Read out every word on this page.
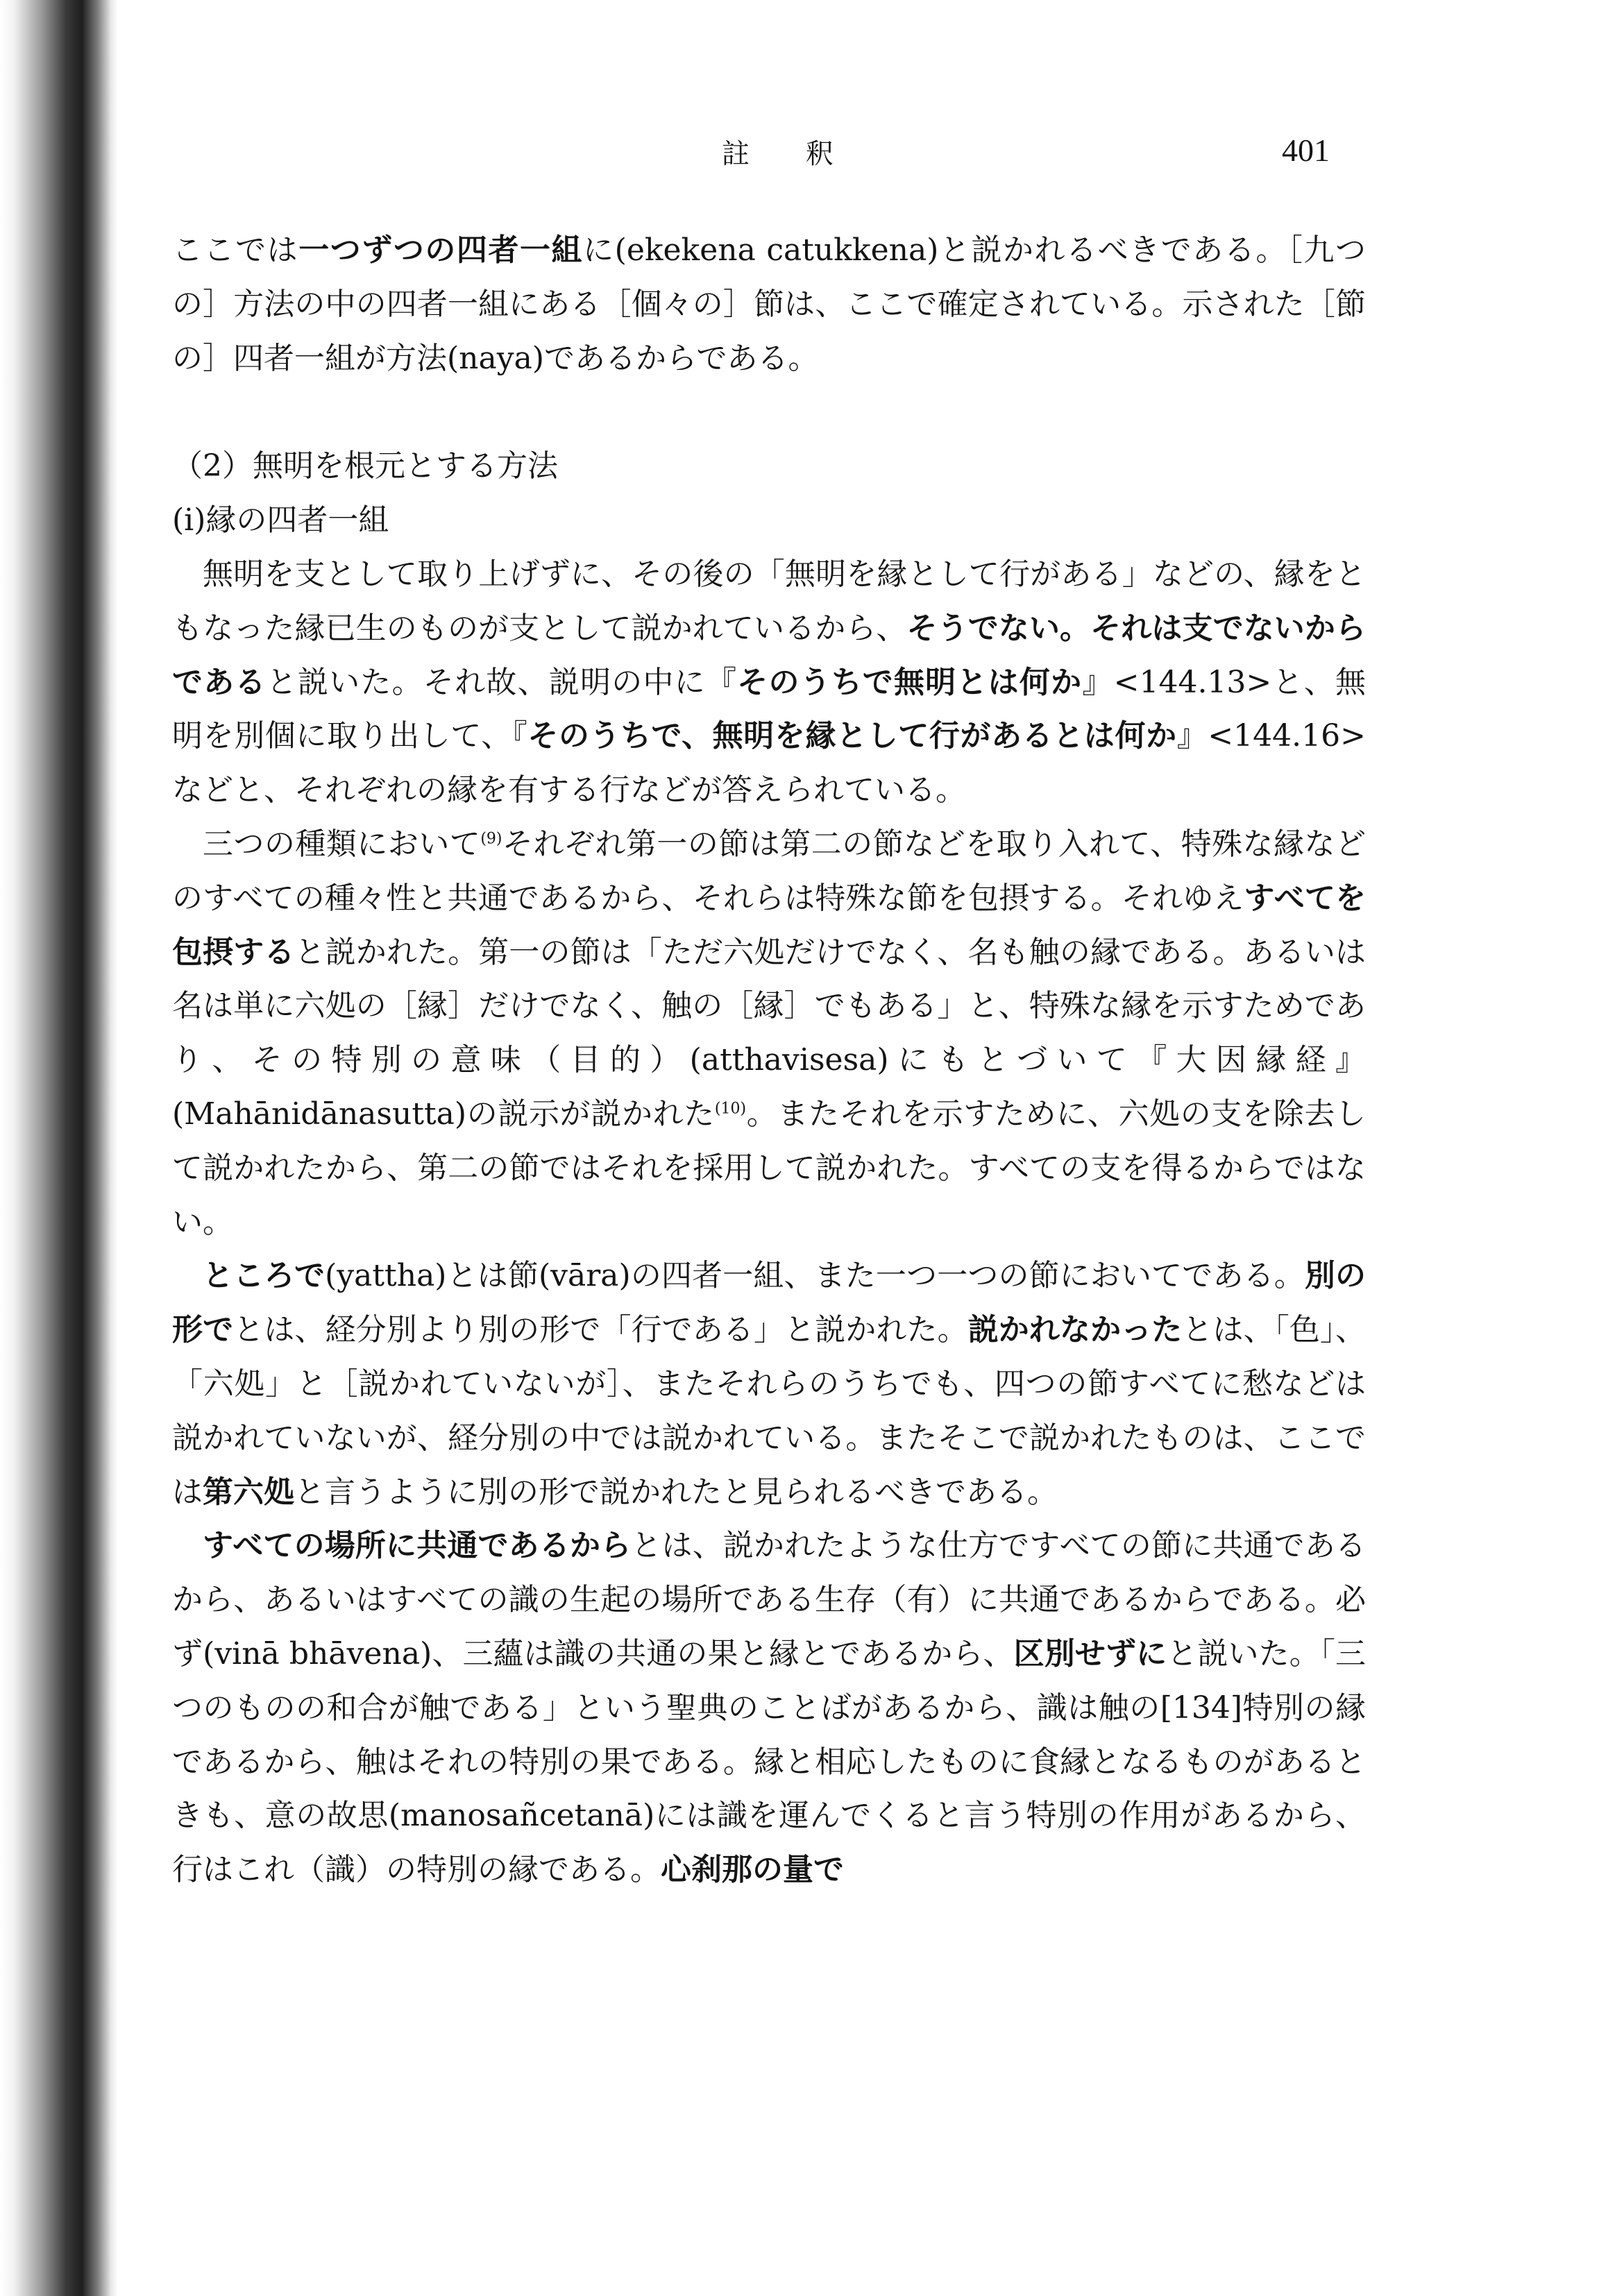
註 釈	401

ここでは一つずつの四者一組に(ekekena catukkena)と説かれるべきである。［九つの］方法の中の四者一組にある［個々の］節は、ここで確定されている。示された［節の］四者一組が方法(naya)であるからである。

（2）無明を根元とする方法

(i)縁の四者一組

無明を支として取り上げずに、その後の「無明を縁として行がある」などの、縁をともなった縁已生のものが支として説かれているから、そうでない。それは支でないからであると説いた。それ故、説明の中に『そのうちで無明とは何か』<144.13>と、無明を別個に取り出して、『そのうちで、無明を縁として行があるとは何か』<144.16>などと、それぞれの縁を有する行などが答えられている。

三つの種類において$^{(9)}$それぞれ第一の節は第二の節などを取り入れて、特殊な縁などのすべての種々性と共通であるから、それらは特殊な節を包摂する。それゆえすべてを包摂すると説かれた。第一の節は「ただ六処だけでなく、名も触の縁である。あるいは名は単に六処の［縁］だけでなく、触の［縁］でもある」と、特殊な縁を示すためであり、その特別の意味（目的）(atthavisesa)にもとづいて『大因縁経』(Mahānidānasutta)の説示が説かれた$^{(10)}$。またそれを示すために、六処の支を除去して説かれたから、第二の節ではそれを採用して説かれた。すべての支を得るからではない。

ところで(yattha)とは節(vāra)の四者一組、また一つ一つの節においてである。別の形でとは、経分別より別の形で「行である」と説かれた。説かれなかったとは、「色」、「六処」と［説かれていないが］、またそれらのうちでも、四つの節すべてに愁などは説かれていないが、経分別の中では説かれている。またそこで説かれたものは、ここでは第六処と言うように別の形で説かれたと見られるべきである。

すべての場所に共通であるからとは、説かれたような仕方ですべての節に共通であるから、あるいはすべての識の生起の場所である生存（有）に共通であるからである。必ず(vinā bhāvena)、三蘊は識の共通の果と縁とであるから、区別せずにと説いた。「三つのものの和合が触である」という聖典のことばがあるから、識は触の[134]特別の縁であるから、触はそれの特別の果である。縁と相応したものに食縁となるものがあるときも、意の故思(manosañcetanā)には識を運んでくると言う特別の作用があるから、行はこれ（識）の特別の縁である。心刹那の量で
